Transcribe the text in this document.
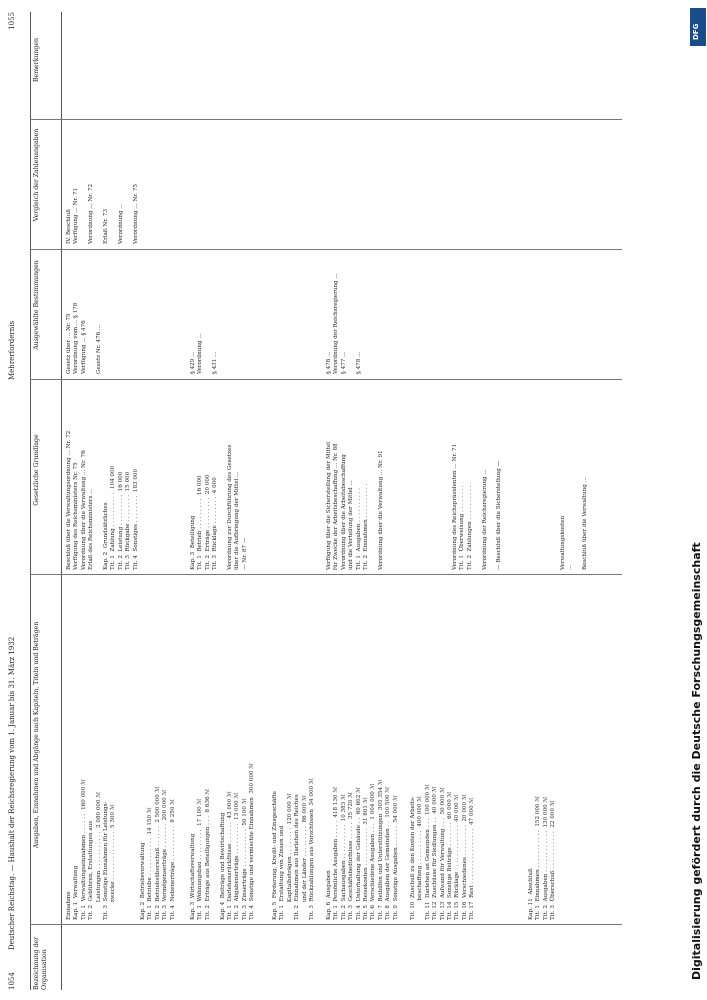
1054
Deutscher Reichstag. — Haushalt der Reichsregierung vom 1. Januar bis 31. März 1932
Mehrerfordernis
1055
Bezeichnung der Organisation
Ausgaben, Einnahmen und Abgänge nach Kapiteln, Titeln und Beträgen
Gesetzliche Grundlage
Ausgewählte Bestimmungen
Vergleich der Zahlenangaben
Bemerkungen
Einnahme
Kap. 1  Verwaltung
Tit. 1  Verwaltungseinnahmen . . . . . .  160 000 ℳ
Tit. 2  Gebühren, Erstattungen aus
Leistungen . . . . . . . . . . .  2 080 000 ℳ
Tit. 3  Sonstige Einnahmen für Leistungs-
zwecke . . . . . . . . . . . . . .  5 300 ℳ
Kap. 2  Betriebsverwaltung
Tit. 1  Betriebe . . . . . . . . . . .  14 150 ℳ
Tit. 2  Betriebsüberschuß . . . . . .  2 500 000 ℳ
Tit. 3  Vermögenserträge . . . . . . .  200 000 ℳ
Tit. 4  Nebenerträge . . . . . . . . . .  8 250 ℳ
Kap. 3  Wirtschaftsverwaltung
Tit. 1  Wohnungsbau . . . . . . . . .  17 100 ℳ
Tit. 2  Erträge aus Beteiligungen . . .  8 636 ℳ

Kap. 4  Beiträge und Bewirtschaftung
Tit. 1  Darlehensrückflüsse . . . . . .  43 000 ℳ
Tit. 2  Abgabenerträge . . . . . . . . .  13 000 ℳ
Tit. 3  Zinserträge . . . . . . . . . . .  50 100 ℳ
Tit. 4  Sonstige und vermischte Einnahmen  300 000 ℳ
Kap. 5  Förderung, Kredit- und Zinsgeschäfte
Tit. 1  Erstattung von Zinsen und
Kapitalbeträgen . . . . . . . .  120 000 ℳ
Tit. 2  Einnahmen aus Darlehen des Reiches
und der Länder . . . . . . . . .  86 000 ℳ
Tit. 3  Rückzahlungen aus Vorschüssen  34 000 ℳ
Kap. 6  Ausgaben
Tit. 1  Persönliche Ausgaben . . . . .  418 130 ℳ
Tit. 2  Sachausgaben . . . . . . . . . .  10 383 ℳ
Tit. 3  Geschäftsbedürfnisse . . . . .  35 720 ℳ
Tit. 4  Unterhaltung der Gebäude . .  60 602 ℳ
Tit. 5  Reisekosten . . . . . . . . . . .  31 801 ℳ
Tit. 6  Verschiedene Ausgaben . . .  1 004 000 ℳ
Tit. 7  Beihilfen und Unterstützungen  305 354 ℳ
Tit. 8  Ausgaben der Gemeinden . .  100 500 ℳ
Tit. 9  Sonstige Ausgaben . . . . . .  54 000 ℳ
Tit. 10  Zuschuß zu den Kosten der Arbeits-
beschaffung . . . . . . . . . .  400 000 ℳ
Tit. 11  Darlehen an Gemeinden . . .  100 000 ℳ
Tit. 12  Zuschüsse für Siedlungen . .  40 000 ℳ
Tit. 13  Aufwand für Verwaltung . . .  50 000 ℳ
Tit. 14  Sonstige Beiträge . . . . . . .  60 000 ℳ
Tit. 15  Rücklage . . . . . . . . . . . . .  40 000 ℳ
Tit. 16  Verschiedenes . . . . . . . . .  20 000 ℳ
Tit. 17  Rest . . . . . . . . . . . . . . . .  47 000 ℳ
Kap. 11  Abschluß
Tit. 1  Einnahmen . . . . . . . . . . .  152 000 ℳ
Tit. 2  Ausgaben . . . . . . . . . . . .  130 000 ℳ
Tit. 3  Überschuß . . . . . . . . . . .  22 000 ℳ
Beschluß über die Verwaltungsordnung ... Nr. 72
Verfügung des Reichsministers Nr. 75
Verordnung über die Verwaltung ... Nr. 76
Erlaß des Reichsministers ...

Kap. 2  Grundsätzliches
Tit. 1  Zahlung . . . . . . . . . .  104 000
Tit. 2  Leistung . . . . . . . . .  16 000
Tit. 3  Rückgabe . . . . . . . .  15 000
Tit. 4  Sonstiges . . . . . . . .  183 000
Kap. 3  Beteiligung
Tit. 1  Betrieb . . . . . . . . .  16 000
Tit. 2  Erträge . . . . . . . . .  20 000
Tit. 3  Rücklage . . . . . . . .  4 000

Verordnung zur Durchführung des Gesetzes
über die Aufbringung der Mittel ...
— Nr. 87 —
Verfügung über die Sicherstellung der Mittel
für Zwecke der Arbeitsbeschaffung ... Nr. 88
Verordnung über die Arbeitsbeschaffung
und die Verteilung der Mittel ...
Tit. 1  Ausgaben . . . . . . . . . .
Tit. 2  Einnahmen . . . . . . . . . .

Verordnung über die Verwaltung ... Nr. 91
Verordnung des Reichspräsidenten ... Nr. 71
Tit. 1  Überweisung . . . . . . . .
Tit. 2  Zahlungen . . . . . . . . . .

Verordnung der Reichsregierung ...

— Beschluß über die Sicherstellung —
Gesetz über ... Nr. 75
Verordnung vom ... § 178
Verfügung ... § 476

Gesetz Nr. 476 ...
§ 429 ...
Verordnung ...

§ 431 ...
§ 476 ...
Verordnung der Reichsregierung ...
§ 477 ...

§ 478 ...
IV. Beschluß
Verfügung ... Nr. 71

Verordnung ... Nr. 72

Erlaß Nr. 73

Verordnung ...

Verordnung ... Nr. 75
Verwaltungskosten
...

Beschluß über die Verwaltung ...
DFG
Digitalisierung gefördert durch die Deutsche Forschungsgemeinschaft
